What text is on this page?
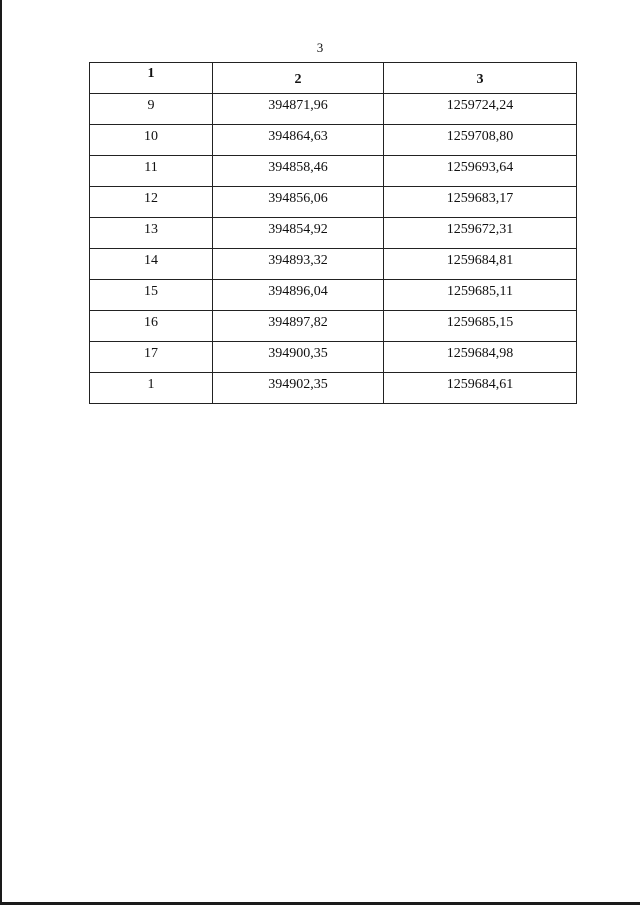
3
1	2	3

9	394871,96	1259724,24

10	394864,63	1259708,80

11	394858,46	1259693,64

12	394856,06	1259683,17

13	394854,92	1259672,31

14	394893,32	1259684,81

15	394896,04	1259685,11

16	394897,82	1259685,15

17	394900,35	1259684,98

1	394902,35	1259684,61
